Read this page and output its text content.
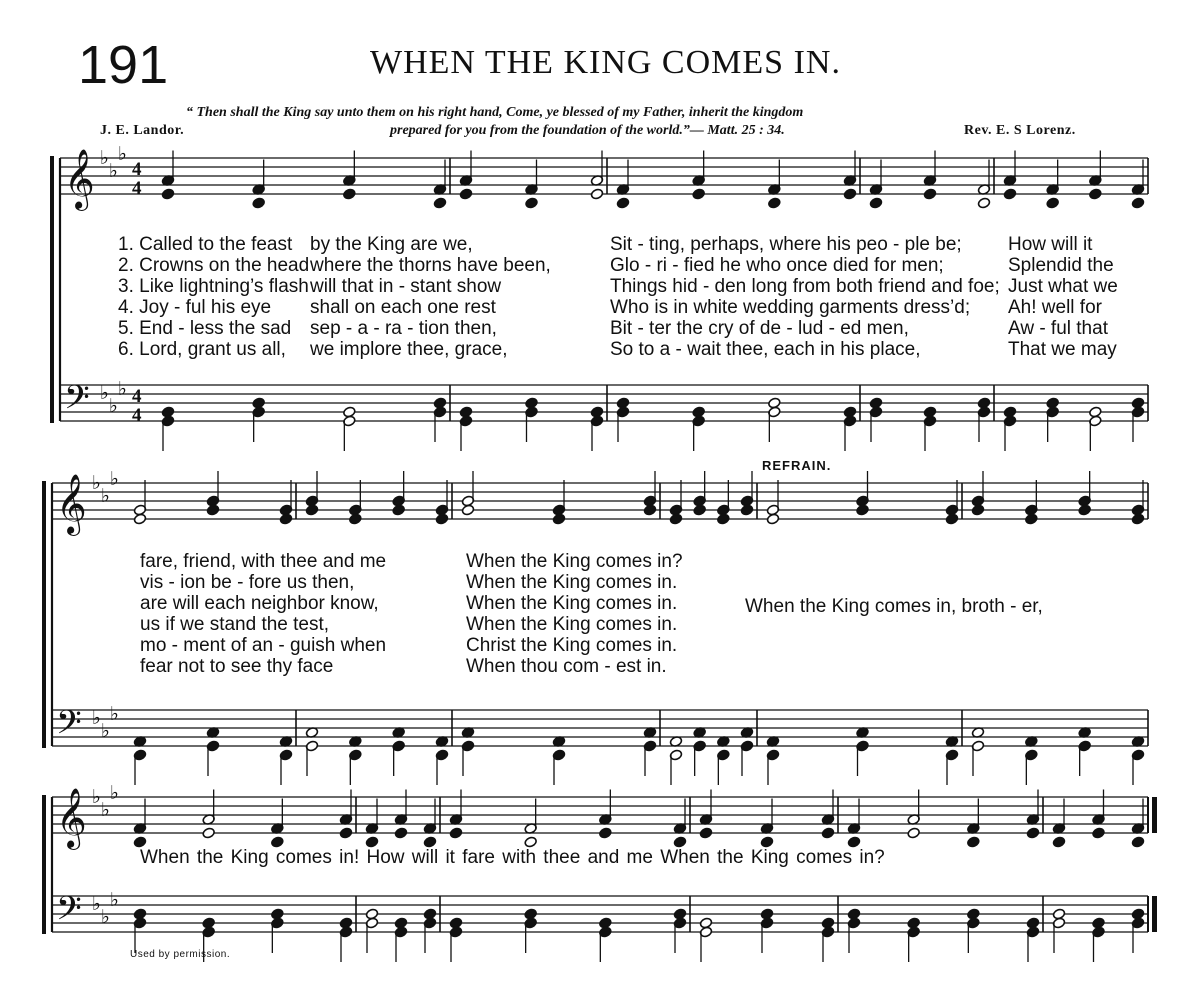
𝄞
𝄢
♭
♭
♭
♭
♭
♭
4
4
4
4
𝄞
𝄢
♭
♭
♭
♭
♭
♭
𝄞
𝄢
♭
♭
♭
♭
♭
♭
191	WHEN THE KING COMES IN.
“ Then shall the King say unto them on his right hand, Come, ye blessed of my Father, inherit the kingdom
prepared for you from the foundation of the world.”— Matt. 25 : 34.
J. E. Landor.	Rev. E. S Lorenz.
1. Called to the feast by the King are we,	Sit - ting, perhaps, where his peo - ple be; How will it
2. Crowns on the head where the thorns have been,	Glo - ri - fied he who once died for men;	Splendid the
3. Like lightning’s flash will that in - stant show	Things hid - den long from both friend and foe; Just what we
4. Joy - ful his eye shall on each one rest	Who is in white wedding garments dress’d; Ah! well for
5. End - less the sad sep - a - ra - tion then,	Bit - ter the cry of de - lud - ed men,	Aw - ful that
6. Lord, grant us all, we implore thee, grace,	So to a - wait thee, each in his place,	That we may
fare, friend, with thee and me	When the King comes in?
vis - ion be - fore us then,	When the King comes in.
are will each neighbor know,	When the King comes in.
us if we stand the test,	When the King comes in.
mo - ment of an - guish when	Christ the King comes in.
fear not to see thy face	When thou com - est in.
REFRAIN.
When the King comes in, broth - er,
When the King comes in! How will it fare with thee and me When the King comes in?
Used by permission.
